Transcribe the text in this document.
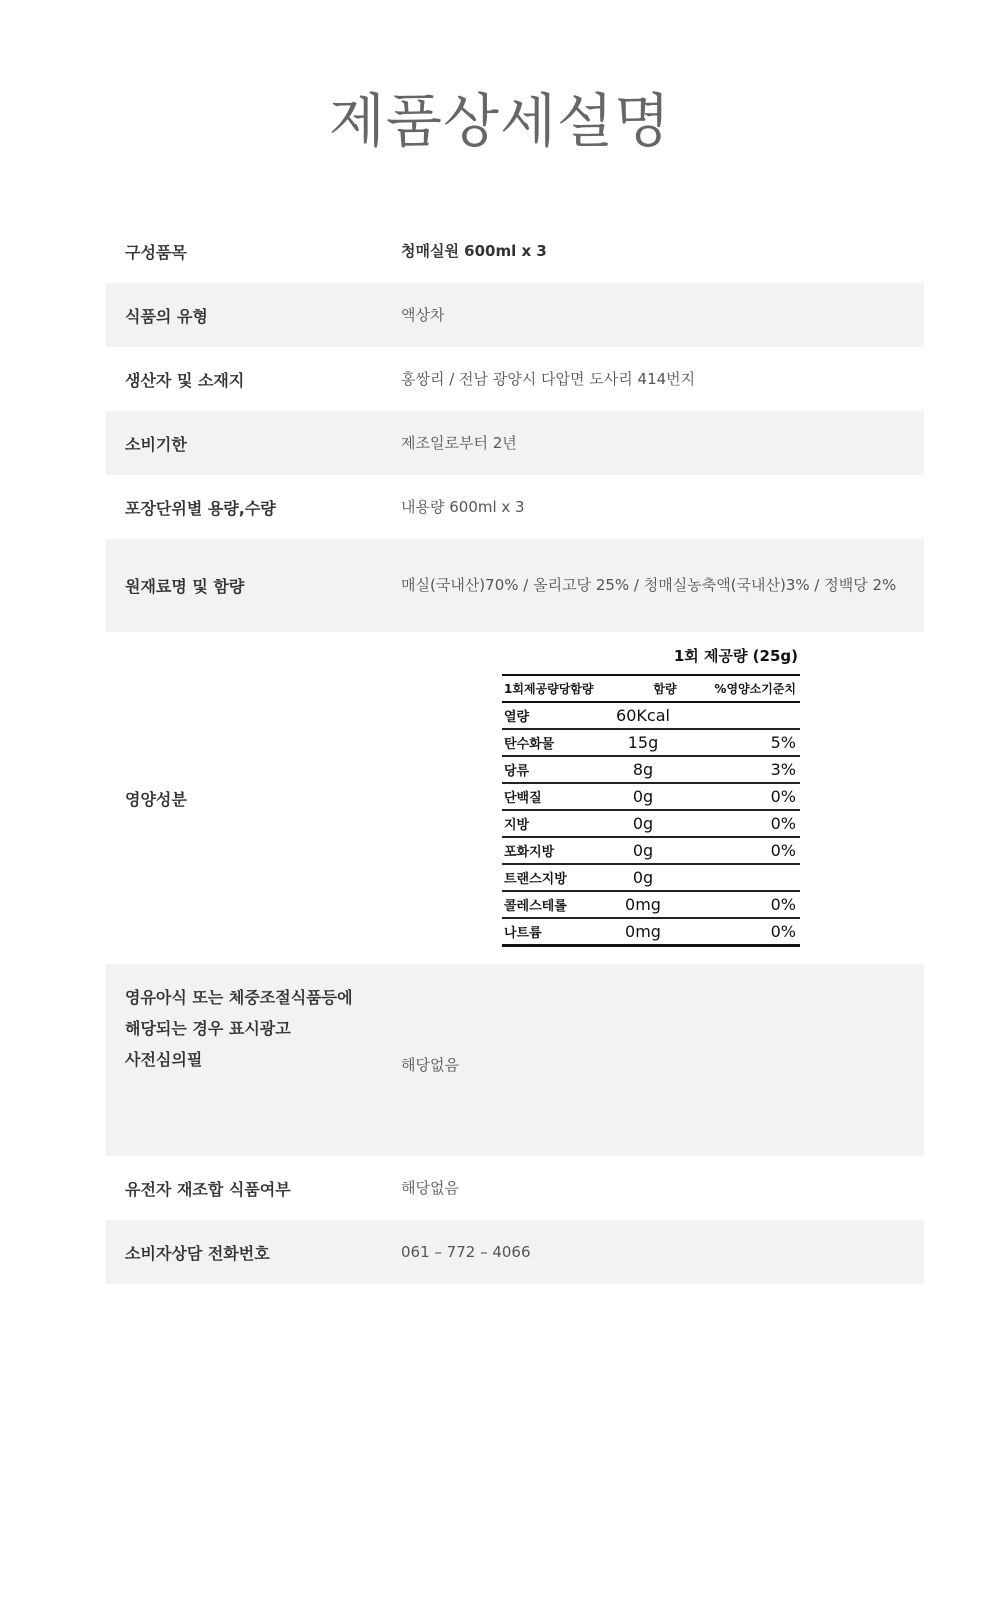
제품상세설명
구성품목	청매실원 600ml x 3
식품의 유형	액상차
생산자 및 소재지	홍쌍리 / 전남 광양시 다압면 도사리 414번지
소비기한	제조일로부터 2년
포장단위별 용량,수량	내용량 600ml x 3
원재료명 및 함량	매실(국내산)70% / 올리고당 25% / 청매실농축액(국내산)3% / 정백당 2%
영양성분
1회 제공량 (25g)
1회제공량당함량	함량	%영양소기준치
열량	60Kcal
탄수화물	15g	5%
당류	8g	3%
단백질	0g	0%
지방	0g	0%
포화지방	0g	0%
트랜스지방	0g
콜레스테롤	0mg	0%
나트륨	0mg	0%
영유아식 또는 체중조절식품등에
해당되는 경우 표시광고
사전심의필	해당없음
유전자 재조합 식품여부	해당없음
소비자상담 전화번호	061 – 772 – 4066
